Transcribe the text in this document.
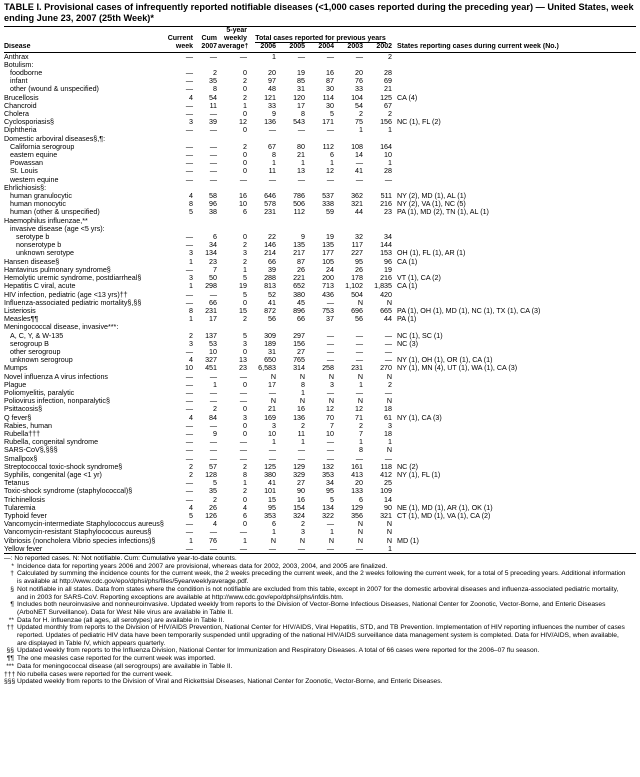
TABLE I. Provisional cases of infrequently reported notifiable diseases (<1,000 cases reported during the preceding year) — United States, week ending June 23, 2007 (25th Week)*
			5-year						
	Current	Cum	weekly	Total cases reported for previous years					
Disease	week	2007	average†	2006	2005	2004	2003	2002	States reporting cases during current week (No.)
Anthrax	—	—	—	1	—	—	—	2	
Botulism:									
foodborne	—	2	0	20	19	16	20	28	
infant	—	35	2	97	85	87	76	69	
other (wound & unspecified)	—	8	0	48	31	30	33	21	
Brucellosis	4	54	2	121	120	114	104	125	CA (4)
Chancroid	—	11	1	33	17	30	54	67	
Cholera	—	—	0	9	8	5	2	2	
Cyclosporiasis§	3	39	12	136	543	171	75	156	NC (1), FL (2)
Diphtheria	—	—	0	—	—	—	1	1	
Domestic arboviral diseases§,¶:									
California serogroup	—	—	2	67	80	112	108	164	
eastern equine	—	—	0	8	21	6	14	10	
Powassan	—	—	0	1	1	1	—	1	
St. Louis	—	—	0	11	13	12	41	28	
western equine	—	—	—	—	—	—	—	—	
Ehrlichiosis§:									
human granulocytic	4	58	16	646	786	537	362	511	NY (2), MD (1), AL (1)
human monocytic	8	96	10	578	506	338	321	216	NY (2), VA (1), NC (5)
human (other & unspecified)	5	38	6	231	112	59	44	23	PA (1), MD (2), TN (1), AL (1)
Haemophilus influenzae,**									
invasive disease (age <5 yrs):									
serotype b	—	6	0	22	9	19	32	34	
nonserotype b	—	34	2	146	135	135	117	144	
unknown serotype	3	134	3	214	217	177	227	153	OH (1), FL (1), AR (1)
Hansen disease§	1	23	2	66	87	105	95	96	CA (1)
Hantavirus pulmonary syndrome§	—	7	1	39	26	24	26	19	
Hemolytic uremic syndrome, postdiarrheal§	3	50	5	288	221	200	178	216	VT (1), CA (2)
Hepatitis C viral, acute	1	298	19	813	652	713	1,102	1,835	CA (1)
HIV infection, pediatric (age <13 yrs)††	—	—	5	52	380	436	504	420	
Influenza-associated pediatric mortality§,§§	—	66	0	41	45	—	N	N	
Listeriosis	8	231	15	872	896	753	696	665	PA (1), OH (1), MD (1), NC (1), TX (1), CA (3)
Measles¶¶	1	17	2	56	66	37	56	44	PA (1)
Meningococcal disease, invasive***:									
A, C, Y, & W-135	2	137	5	309	297	—	—	—	NC (1), SC (1)
serogroup B	3	53	3	189	156	—	—	—	NC (3)
other serogroup	—	10	0	31	27	—	—	—	
unknown serogroup	4	327	13	650	765	—	—	—	NY (1), OH (1), OR (1), CA (1)
Mumps	10	451	23	6,583	314	258	231	270	NY (1), MN (4), UT (1), WA (1), CA (3)
Novel influenza A virus infections	—	—	—	N	N	N	N	N	
Plague	—	1	0	17	8	3	1	2	
Poliomyelitis, paralytic	—	—	—	—	1	—	—	—	
Poliovirus infection, nonparalytic§	—	—	—	N	N	N	N	N	
Psittacosis§	—	2	0	21	16	12	12	18	
Q fever§	4	84	3	169	136	70	71	61	NY (1), CA (3)
Rabies, human	—	—	0	3	2	7	2	3	
Rubella†††	—	9	0	10	11	10	7	18	
Rubella, congenital syndrome	—	—	—	1	1	—	1	1	
SARS-CoV§,§§§	—	—	—	—	—	—	8	N	
Smallpox§	—	—	—	—	—	—	—	—	
Streptococcal toxic-shock syndrome§	2	57	2	125	129	132	161	118	NC (2)
Syphilis, congenital (age <1 yr)	2	128	8	380	329	353	413	412	NY (1), FL (1)
Tetanus	—	5	1	41	27	34	20	25	
Toxic-shock syndrome (staphylococcal)§	—	35	2	101	90	95	133	109	
Trichinellosis	—	2	0	15	16	5	6	14	
Tularemia	4	26	4	95	154	134	129	90	NE (1), MD (1), AR (1), OK (1)
Typhoid fever	5	126	6	353	324	322	356	321	CT (1), MD (1), VA (1), CA (2)
Vancomycin-intermediate Staphylococcus aureus§	—	4	0	6	2	—	N	N	
Vancomycin-resistant Staphylococcus aureus§	—	—	—	1	3	1	N	N	
Vibriosis (noncholera Vibrio species infections)§	1	76	1	N	N	N	N	N	MD (1)
Yellow fever	—	—	—	—	—	—	—	1	
—: No reported cases. N: Not notifiable. Cum: Cumulative year-to-date counts.
* Incidence data for reporting years 2006 and 2007 are provisional, whereas data for 2002, 2003, 2004, and 2005 are finalized.
† Calculated by summing the incidence counts for the current week, the 2 weeks preceding the current week, and the 2 weeks following the current week, for a total of 5 preceding years. Additional information is available at http://www.cdc.gov/epo/dphsi/phs/files/5yearweeklyaverage.pdf.
§ Not notifiable in all states. Data from states where the condition is not notifiable are excluded from this table, except in 2007 for the domestic arboviral diseases and influenza-associated pediatric mortality, and in 2003 for SARS-CoV. Reporting exceptions are available at http://www.cdc.gov/epo/dphsi/phs/infdis.htm.
¶ Includes both neuroinvasive and nonneuroinvasive. Updated weekly from reports to the Division of Vector-Borne Infectious Diseases, National Center for Zoonotic, Vector-Borne, and Enteric Diseases (ArboNET Surveillance). Data for West Nile virus are available in Table II.
** Data for H. influenzae (all ages, all serotypes) are available in Table II.
†† Updated monthly from reports to the Division of HIV/AIDS Prevention, National Center for HIV/AIDS, Viral Hepatitis, STD, and TB Prevention. Implementation of HIV reporting influences the number of cases reported. Updates of pediatric HIV data have been temporarily suspended until upgrading of the national HIV/AIDS surveillance data management system is completed. Data for HIV/AIDS, when available, are displayed in Table IV, which appears quarterly.
§§ Updated weekly from reports to the Influenza Division, National Center for Immunization and Respiratory Diseases. A total of 66 cases were reported for the 2006–07 flu season.
¶¶ The one measles case reported for the current week was imported.
*** Data for meningococcal disease (all serogroups) are available in Table II.
††† No rubella cases were reported for the current week.
§§§ Updated weekly from reports to the Division of Viral and Rickettsial Diseases, National Center for Zoonotic, Vector-Borne, and Enteric Diseases.
